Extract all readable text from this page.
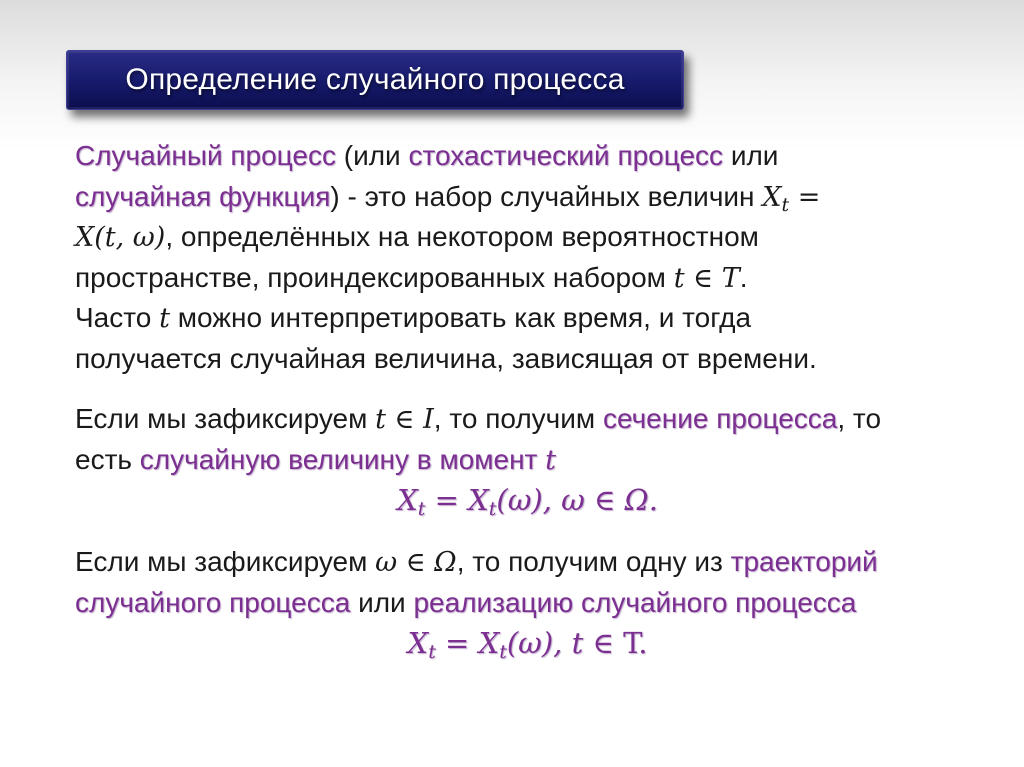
Определение случайного процесса
Случайный процесс (или стохастический процесс или
случайная функция) - это набор случайных величин $X_t$ =
X(t, ω), определённых на некотором вероятностном
пространстве, проиндексированных набором t ∈ T.
Часто t можно интерпретировать как время, и тогда
получается случайная величина, зависящая от времени.
Если мы зафиксируем t ∈ I, то получим сечение процесса, то
есть случайную величину в момент t
$X_t = X_t(\omega)$, ω ∈ Ω.
Если мы зафиксируем ω ∈ Ω, то получим одну из траекторий
случайного процесса или реализацию случайного процесса
$X_t = X_t(\omega)$, t ∈ T.
